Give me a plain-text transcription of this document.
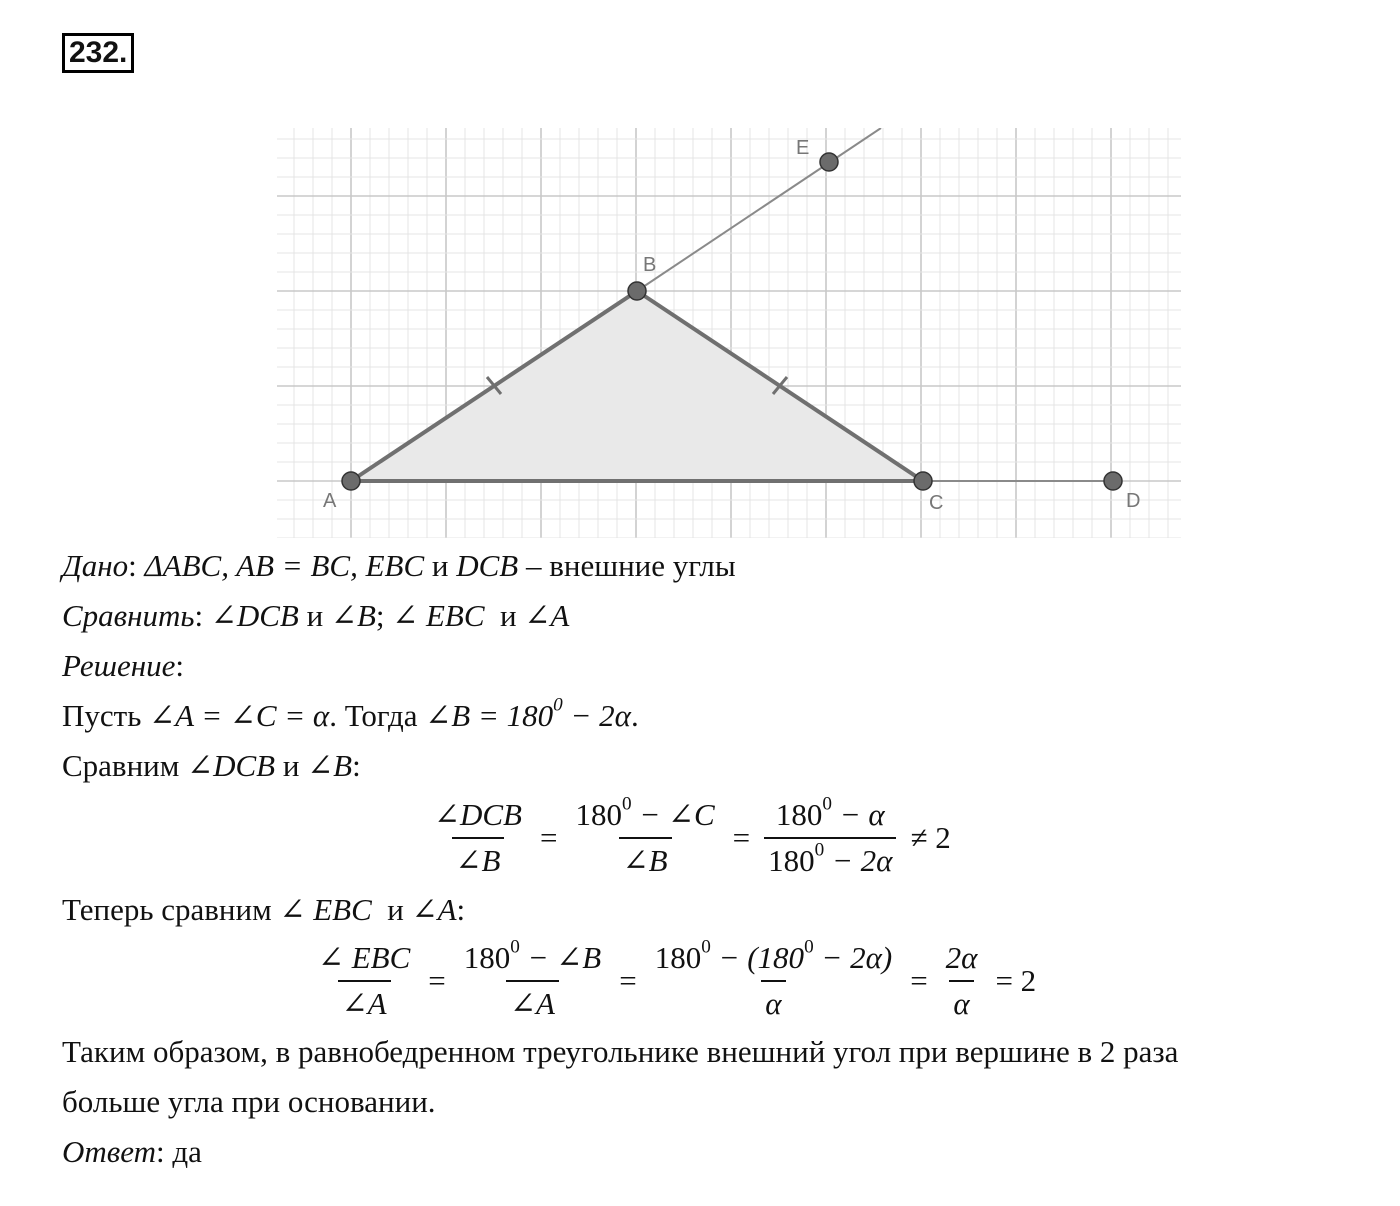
232.
A
B
C	D
E
Дано: ΔABC, AB = BC, EBC и DCB – внешние углы
Сравнить: ∠DCB и ∠B; ∠ EBC и ∠A
Решение:
Пусть ∠A = ∠C = α. Тогда ∠B = $180^0 - 2\alpha$.
Сравним ∠DCB и ∠B:
$\frac{\text{∠DCB}}{\angle B} = \frac{180^0 - \angle C}{\angle B} = \frac{180^0 - \alpha}{180^0 - 2\alpha} \ne 2$
Теперь сравним ∠ EBC и ∠A:
$\frac{\text{∠ EBC}}{\angle A} = \frac{180^0 - \angle B}{\angle A} = \frac{180^0 - (180^0 - 2\alpha)}{\alpha} = \frac{2\alpha}{\alpha} = 2$
Таким образом, в равнобедренном треугольнике внешний угол при вершине в 2 раза
больше угла при основании.
Ответ: да
